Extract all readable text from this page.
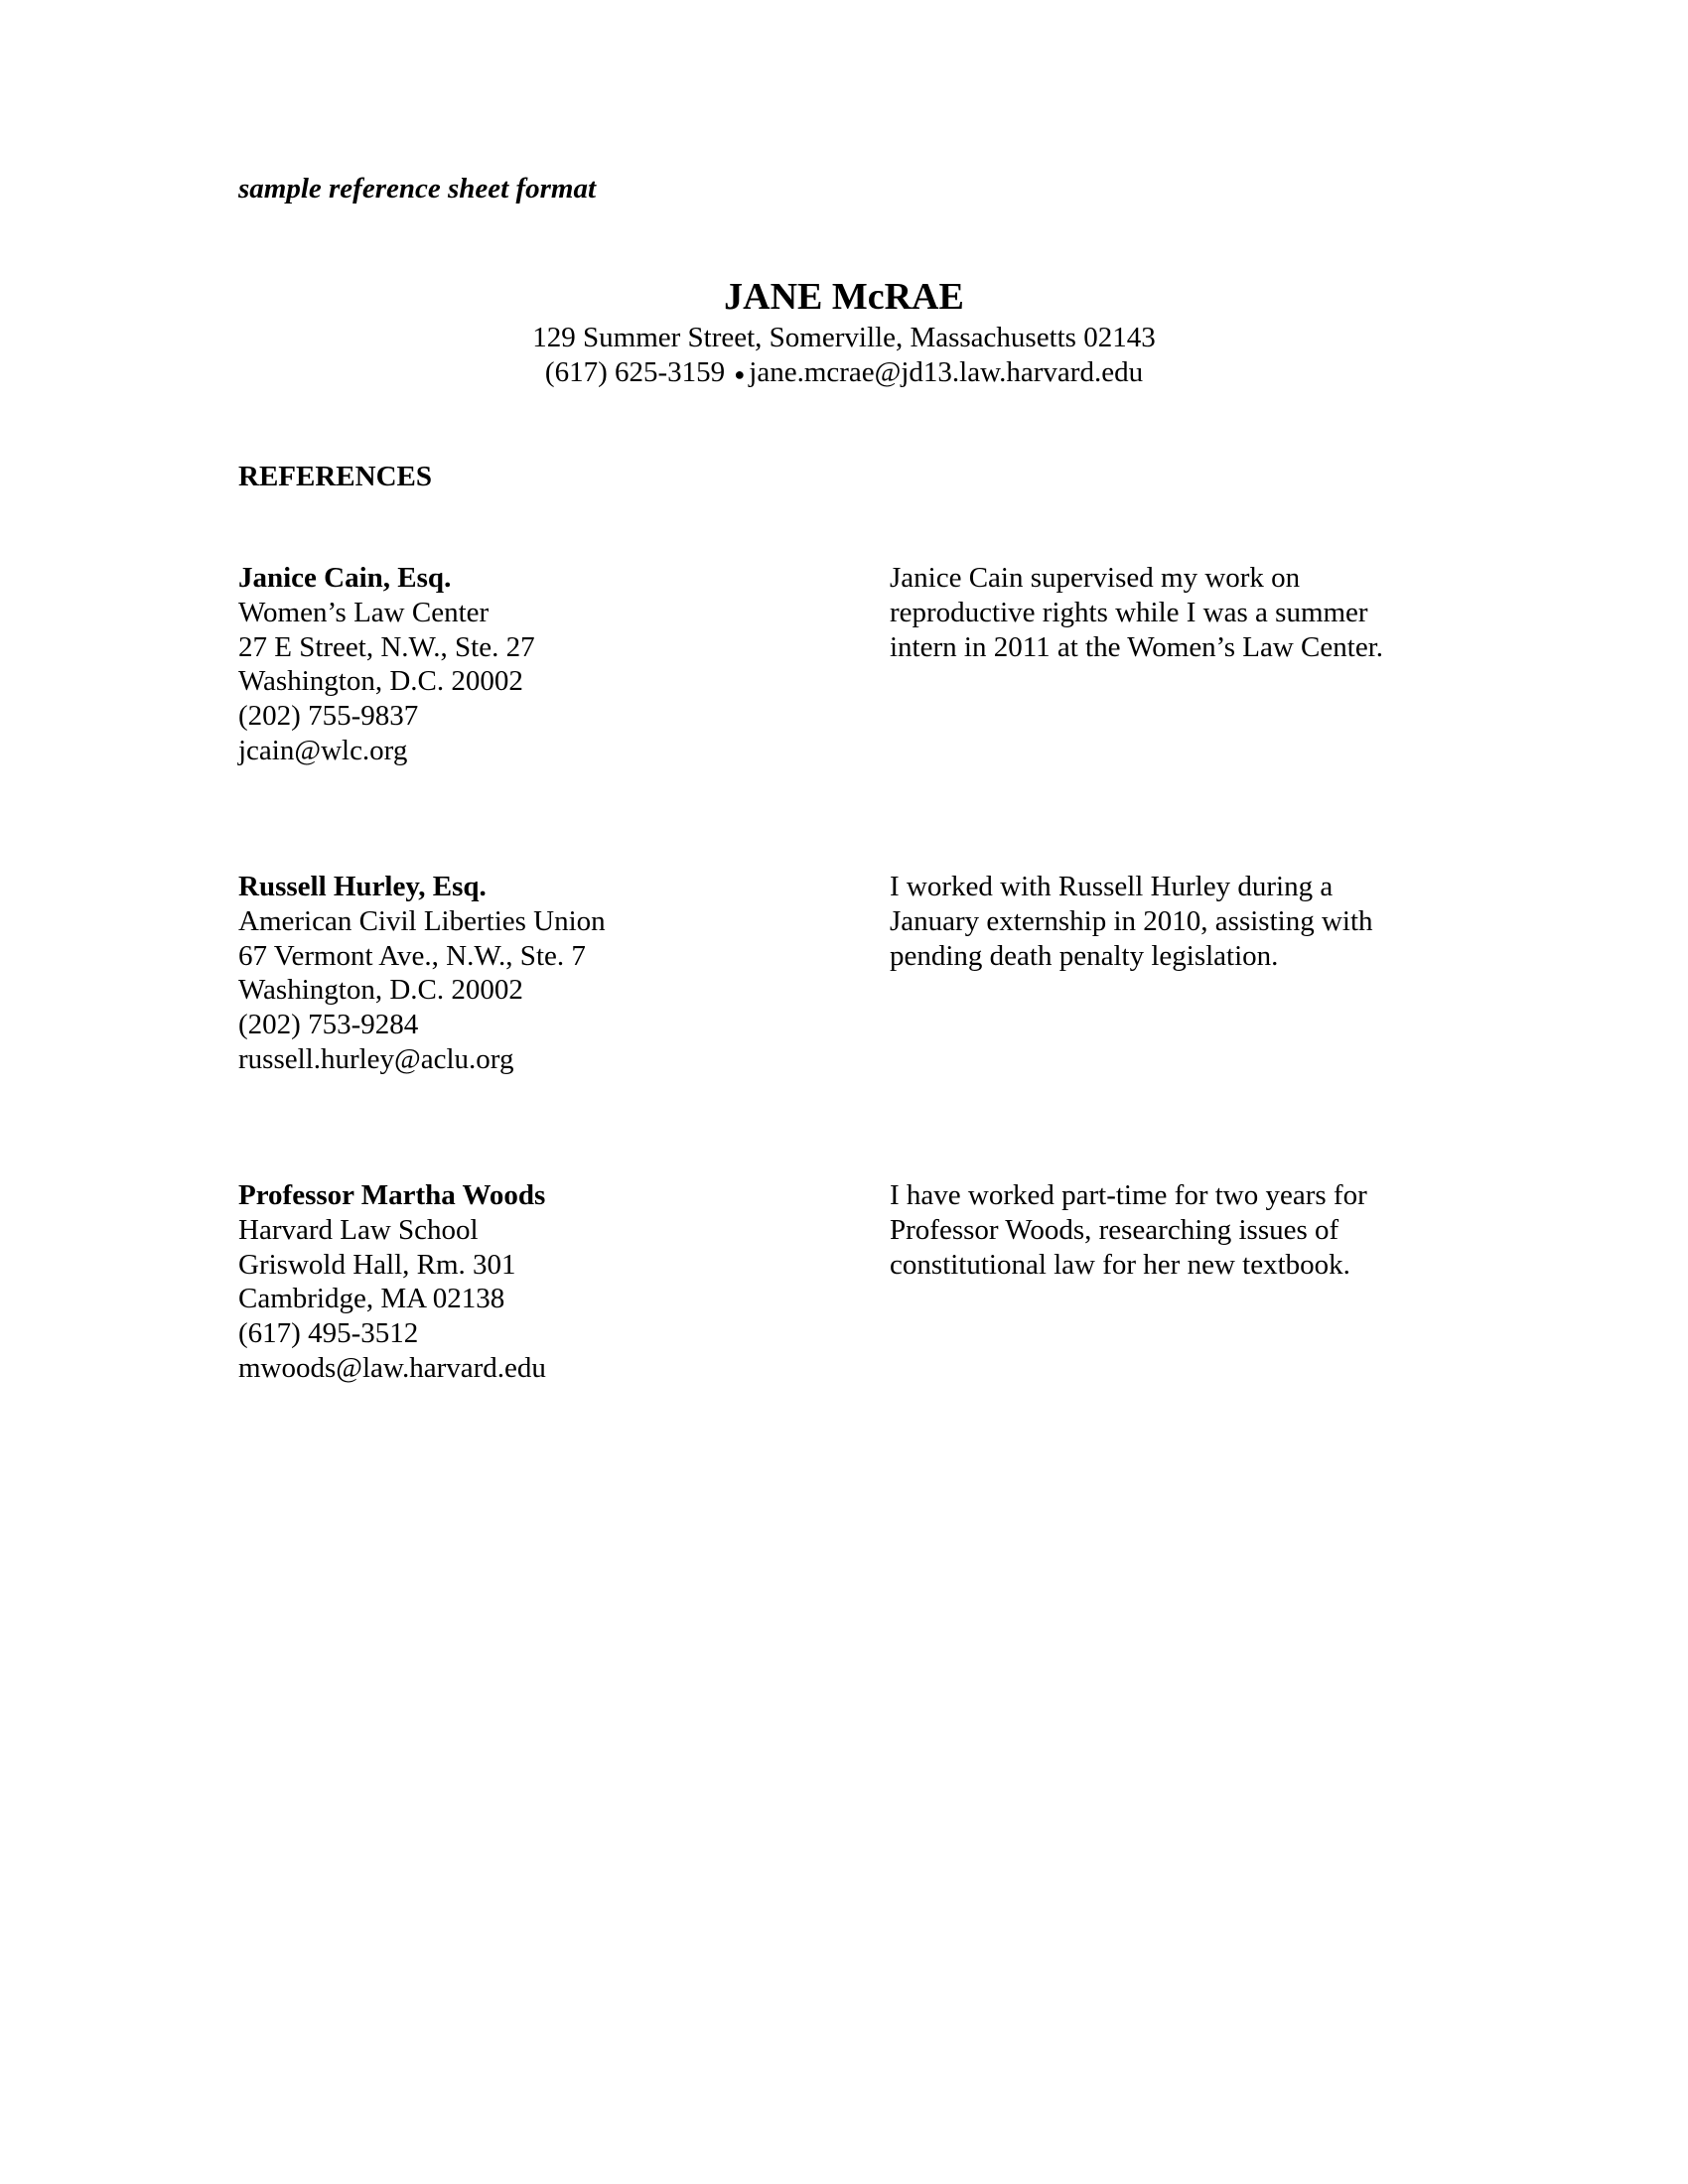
sample reference sheet format
JANE McRAE
129 Summer Street, Somerville, Massachusetts 02143
(617) 625-3159 ● jane.mcrae@jd13.law.harvard.edu
REFERENCES
Janice Cain, Esq.
Women’s Law Center
27 E Street, N.W., Ste. 27
Washington, D.C. 20002
(202) 755-9837
jcain@wlc.org
Janice Cain supervised my work on
reproductive rights while I was a summer
intern in 2011 at the Women’s Law Center.
Russell Hurley, Esq.
American Civil Liberties Union
67 Vermont Ave., N.W., Ste. 7
Washington, D.C. 20002
(202) 753-9284
russell.hurley@aclu.org
I worked with Russell Hurley during a
January externship in 2010, assisting with
pending death penalty legislation.
Professor Martha Woods
Harvard Law School
Griswold Hall, Rm. 301
Cambridge, MA 02138
(617) 495-3512
mwoods@law.harvard.edu
I have worked part-time for two years for
Professor Woods, researching issues of
constitutional law for her new textbook.
